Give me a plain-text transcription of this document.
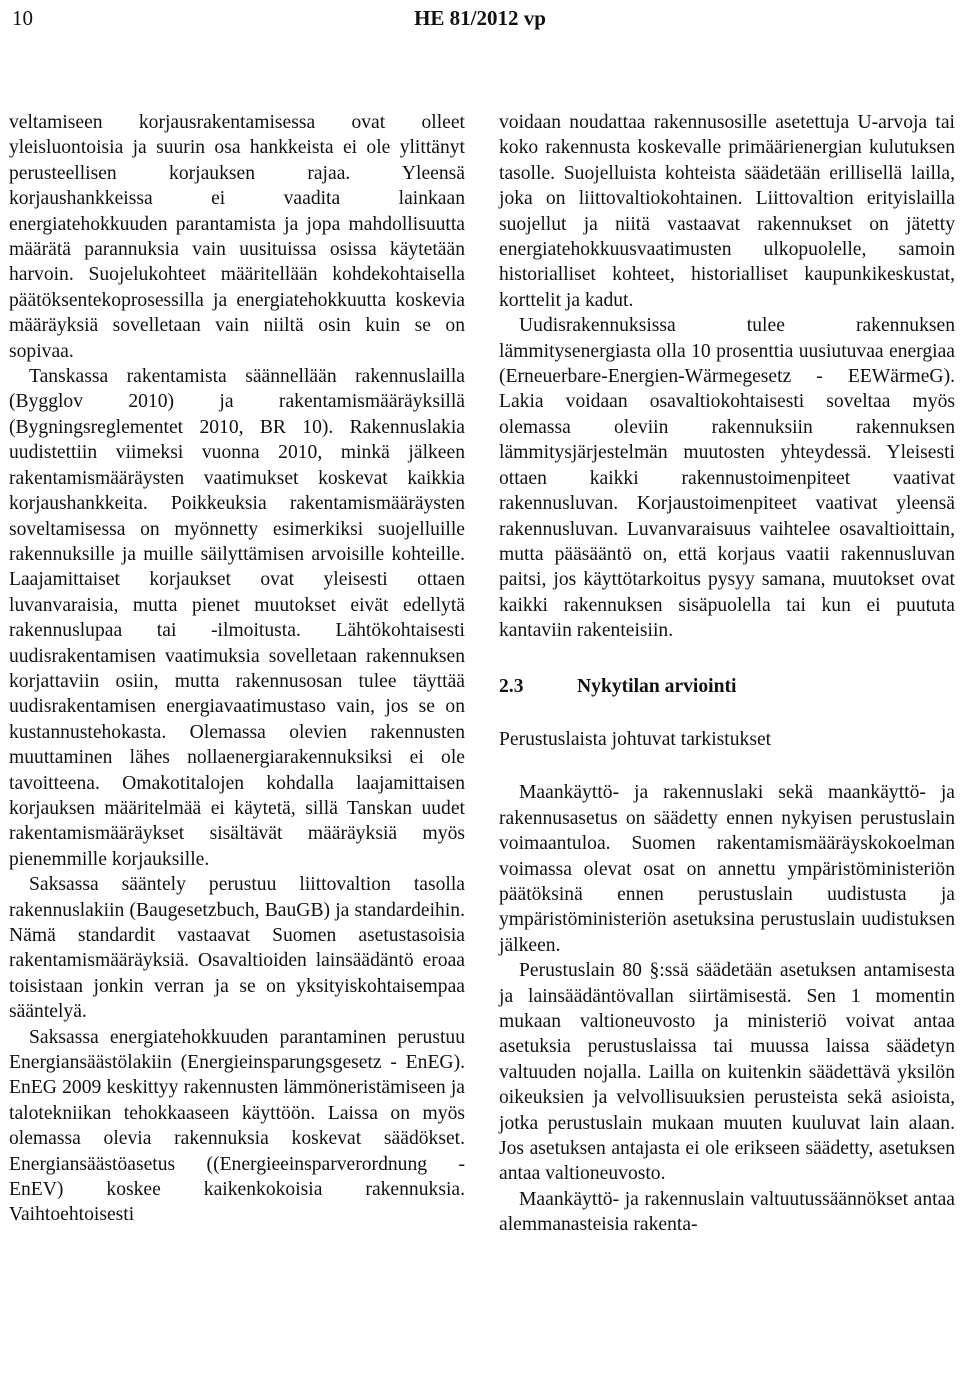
10	HE 81/2012 vp

veltamiseen korjausrakentamisessa ovat olleet yleisluontoisia ja suurin osa hankkeista ei ole ylittänyt perusteellisen korjauksen rajaa. Yleensä korjaushankkeissa ei vaadita lainkaan energiatehokkuuden parantamista ja jopa mahdollisuutta määrätä parannuksia vain uusituissa osissa käytetään harvoin. Suojelukohteet määritellään kohdekohtaisella päätöksentekoprosessilla ja energiatehokkuutta koskevia määräyksiä sovelletaan vain niiltä osin kuin se on sopivaa.

Tanskassa rakentamista säännellään rakennuslailla (Bygglov 2010) ja rakentamismääräyksillä (Bygningsreglementet 2010, BR 10). Rakennuslakia uudistettiin viimeksi vuonna 2010, minkä jälkeen rakentamismääräysten vaatimukset koskevat kaikkia korjaushankkeita. Poikkeuksia rakentamismääräysten soveltamisessa on myönnetty esimerkiksi suojelluille rakennuksille ja muille säilyttämisen arvoisille kohteille. Laajamittaiset korjaukset ovat yleisesti ottaen luvanvaraisia, mutta pienet muutokset eivät edellytä rakennuslupaa tai -ilmoitusta. Lähtökohtaisesti uudisrakentamisen vaatimuksia sovelletaan rakennuksen korjattaviin osiin, mutta rakennusosan tulee täyttää uudisrakentamisen energiavaatimustaso vain, jos se on kustannustehokasta. Olemassa olevien rakennusten muuttaminen lähes nollaenergiarakennuksiksi ei ole tavoitteena. Omakotitalojen kohdalla laajamittaisen korjauksen määritelmää ei käytetä, sillä Tanskan uudet rakentamismääräykset sisältävät määräyksiä myös pienemmille korjauksille.

Saksassa sääntely perustuu liittovaltion tasolla rakennuslakiin (Baugesetzbuch, BauGB) ja standardeihin. Nämä standardit vastaavat Suomen asetustasoisia rakentamismääräyksiä. Osavaltioiden lainsäädäntö eroaa toisistaan jonkin verran ja se on yksityiskohtaisempaa sääntelyä.

Saksassa energiatehokkuuden parantaminen perustuu Energiansäästölakiin (Energieinsparungsgesetz - EnEG). EnEG 2009 keskittyy rakennusten lämmöneristämiseen ja talotekniikan tehokkaaseen käyttöön. Laissa on myös olemassa olevia rakennuksia koskevat säädökset. Energiansäästöasetus ((Energieeinsparverordnung - EnEV) koskee kaikenkokoisia rakennuksia. Vaihtoehtoisesti

voidaan noudattaa rakennusosille asetettuja U-arvoja tai koko rakennusta koskevalle primäärienergian kulutuksen tasolle. Suojelluista kohteista säädetään erillisellä lailla, joka on liittovaltiokohtainen. Liittovaltion erityislailla suojellut ja niitä vastaavat rakennukset on jätetty energiatehokkuusvaatimusten ulkopuolelle, samoin historialliset kohteet, historialliset kaupunkikeskustat, korttelit ja kadut.

Uudisrakennuksissa tulee rakennuksen lämmitysenergiasta olla 10 prosenttia uusiutuvaa energiaa (Erneuerbare-Energien-Wärmegesetz - EEWärmeG). Lakia voidaan osavaltiokohtaisesti soveltaa myös olemassa oleviin rakennuksiin rakennuksen lämmitysjärjestelmän muutosten yhteydessä. Yleisesti ottaen kaikki rakennustoimenpiteet vaativat rakennusluvan. Korjaustoimenpiteet vaativat yleensä rakennusluvan. Luvanvaraisuus vaihtelee osavaltioittain, mutta pääsääntö on, että korjaus vaatii rakennusluvan paitsi, jos käyttötarkoitus pysyy samana, muutokset ovat kaikki rakennuksen sisäpuolella tai kun ei puututa kantaviin rakenteisiin.

2.3	Nykytilan arviointi
Perustuslaista johtuvat tarkistukset

Maankäyttö- ja rakennuslaki sekä maankäyttö- ja rakennusasetus on säädetty ennen nykyisen perustuslain voimaantuloa. Suomen rakentamismääräyskokoelman voimassa olevat osat on annettu ympäristöministeriön päätöksinä ennen perustuslain uudistusta ja ympäristöministeriön asetuksina perustuslain uudistuksen jälkeen.

Perustuslain 80 §:ssä säädetään asetuksen antamisesta ja lainsäädäntövallan siirtämisestä. Sen 1 momentin mukaan valtioneuvosto ja ministeriö voivat antaa asetuksia perustuslaissa tai muussa laissa säädetyn valtuuden nojalla. Lailla on kuitenkin säädettävä yksilön oikeuksien ja velvollisuuksien perusteista sekä asioista, jotka perustuslain mukaan muuten kuuluvat lain alaan. Jos asetuksen antajasta ei ole erikseen säädetty, asetuksen antaa valtioneuvosto.

Maankäyttö- ja rakennuslain valtuutussäännökset antaa alemmanasteisia rakenta-
